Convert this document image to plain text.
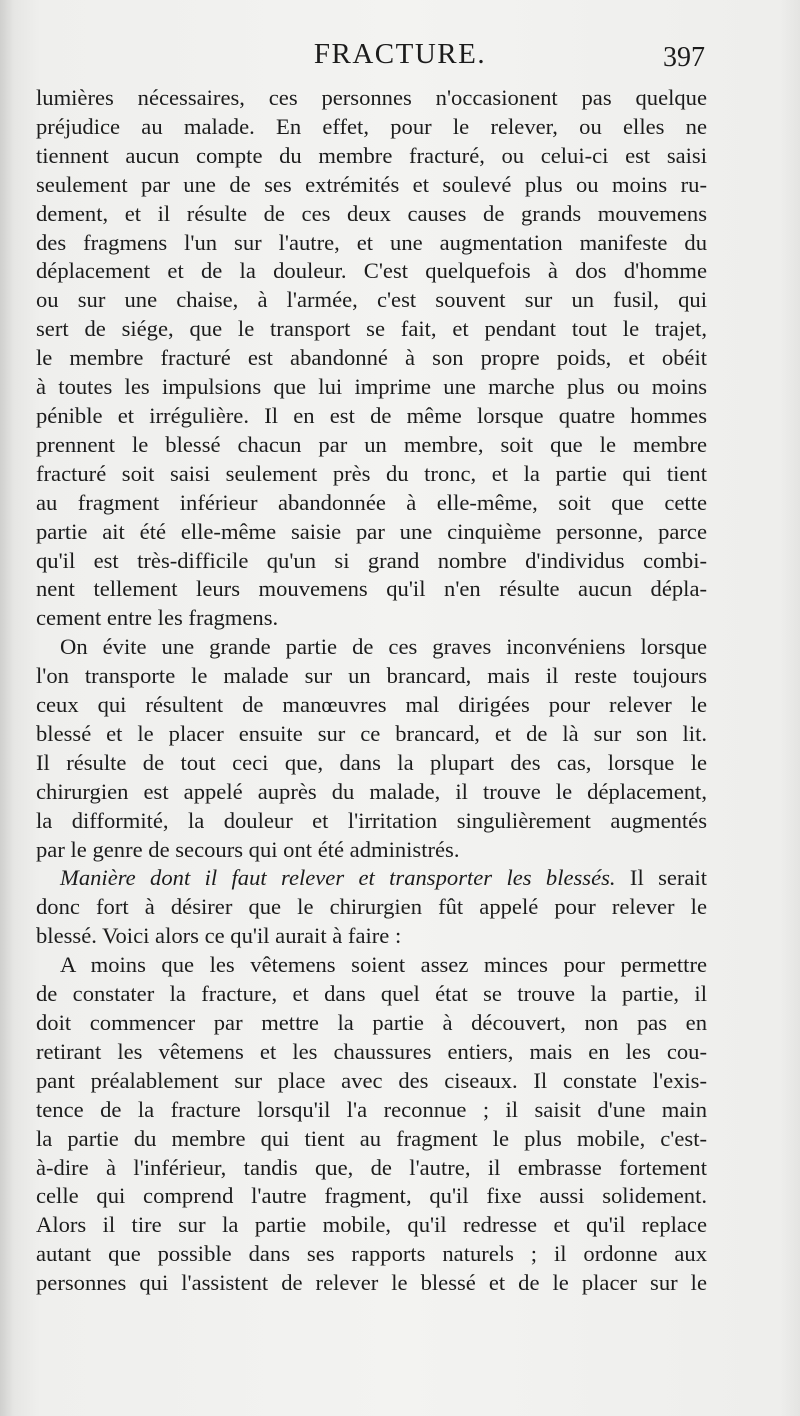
FRACTURE.	397
lumières nécessaires, ces personnes n'occasionent pas quelque
préjudice au malade. En effet, pour le relever, ou elles ne
tiennent aucun compte du membre fracturé, ou celui-ci est saisi
seulement par une de ses extrémités et soulevé plus ou moins ru-
dement, et il résulte de ces deux causes de grands mouvemens
des fragmens l'un sur l'autre, et une augmentation manifeste du
déplacement et de la douleur. C'est quelquefois à dos d'homme
ou sur une chaise, à l'armée, c'est souvent sur un fusil, qui
sert de siége, que le transport se fait, et pendant tout le trajet,
le membre fracturé est abandonné à son propre poids, et obéit
à toutes les impulsions que lui imprime une marche plus ou moins
pénible et irrégulière. Il en est de même lorsque quatre hommes
prennent le blessé chacun par un membre, soit que le membre
fracturé soit saisi seulement près du tronc, et la partie qui tient
au fragment inférieur abandonnée à elle-même, soit que cette
partie ait été elle-même saisie par une cinquième personne, parce
qu'il est très-difficile qu'un si grand nombre d'individus combi-
nent tellement leurs mouvemens qu'il n'en résulte aucun dépla-
cement entre les fragmens.
On évite une grande partie de ces graves inconvéniens lorsque
l'on transporte le malade sur un brancard, mais il reste toujours
ceux qui résultent de manœuvres mal dirigées pour relever le
blessé et le placer ensuite sur ce brancard, et de là sur son lit.
Il résulte de tout ceci que, dans la plupart des cas, lorsque le
chirurgien est appelé auprès du malade, il trouve le déplacement,
la difformité, la douleur et l'irritation singulièrement augmentés
par le genre de secours qui ont été administrés.
Manière dont il faut relever et transporter les blessés. Il serait
donc fort à désirer que le chirurgien fût appelé pour relever le
blessé. Voici alors ce qu'il aurait à faire :
A moins que les vêtemens soient assez minces pour permettre
de constater la fracture, et dans quel état se trouve la partie, il
doit commencer par mettre la partie à découvert, non pas en
retirant les vêtemens et les chaussures entiers, mais en les cou-
pant préalablement sur place avec des ciseaux. Il constate l'exis-
tence de la fracture lorsqu'il l'a reconnue ; il saisit d'une main
la partie du membre qui tient au fragment le plus mobile, c'est-
à-dire à l'inférieur, tandis que, de l'autre, il embrasse fortement
celle qui comprend l'autre fragment, qu'il fixe aussi solidement.
Alors il tire sur la partie mobile, qu'il redresse et qu'il replace
autant que possible dans ses rapports naturels ; il ordonne aux
personnes qui l'assistent de relever le blessé et de le placer sur le
